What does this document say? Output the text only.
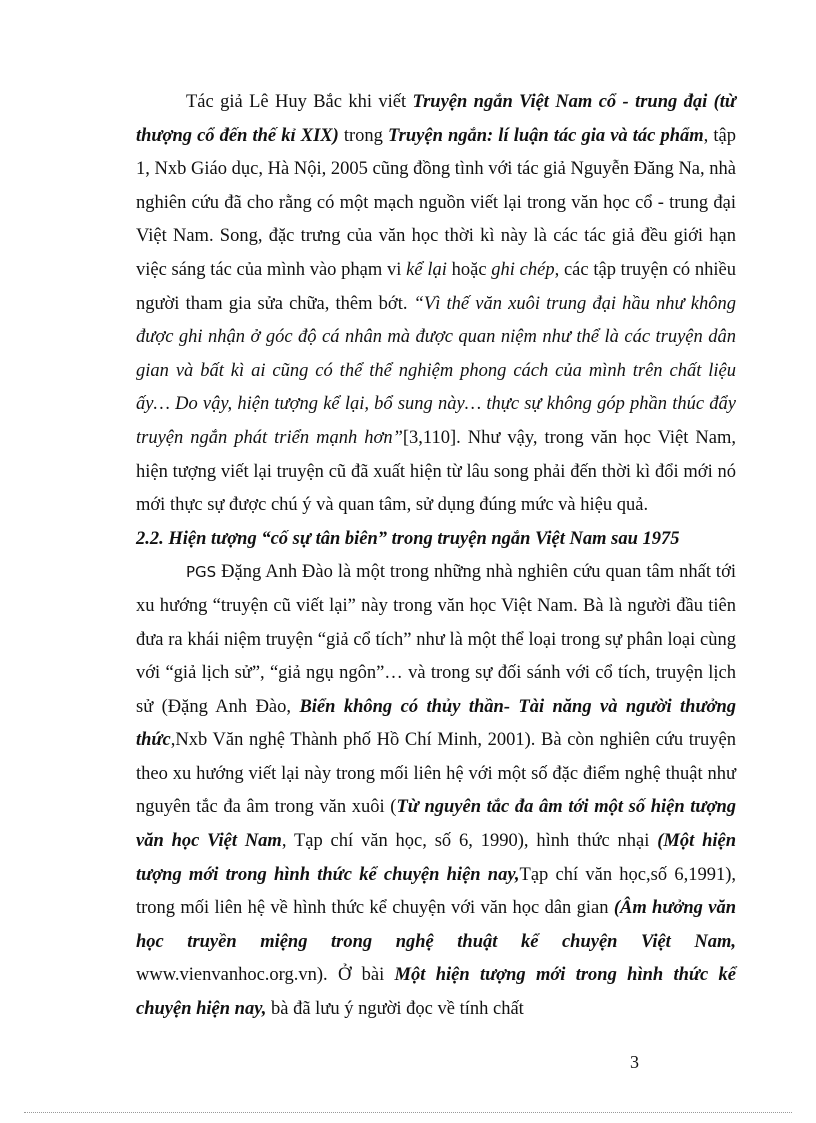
Tác giả Lê Huy Bắc khi viết Truyện ngắn Việt Nam cổ - trung đại (từ thượng cổ đến thế kỉ XIX) trong Truyện ngắn: lí luận tác gia và tác phẩm, tập 1, Nxb Giáo dục, Hà Nội, 2005 cũng đồng tình với tác giả Nguyễn Đăng Na, nhà nghiên cứu đã cho rằng có một mạch nguồn viết lại trong văn học cổ - trung đại Việt Nam. Song, đặc trưng của văn học thời kì này là các tác giả đều giới hạn việc sáng tác của mình vào phạm vi kể lại hoặc ghi chép, các tập truyện có nhiều người tham gia sửa chữa, thêm bớt. “Vì thế văn xuôi trung đại hầu như không được ghi nhận ở góc độ cá nhân mà được quan niệm như thể là các truyện dân gian và bất kì ai cũng có thể thể nghiệm phong cách của mình trên chất liệu ấy… Do vậy, hiện tượng kể lại, bổ sung này… thực sự không góp phần thúc đẩy truyện ngắn phát triển mạnh hơn”[3,110]. Như vậy, trong văn học Việt Nam, hiện tượng viết lại truyện cũ đã xuất hiện từ lâu song phải đến thời kì đổi mới nó mới thực sự được chú ý và quan tâm, sử dụng đúng mức và hiệu quả.

2.2. Hiện tượng “cố sự tân biên” trong truyện ngắn Việt Nam sau 1975

PGS Đặng Anh Đào là một trong những nhà nghiên cứu quan tâm nhất tới xu hướng “truyện cũ viết lại” này trong văn học Việt Nam. Bà là người đầu tiên đưa ra khái niệm truyện “giả cổ tích” như là một thể loại trong sự phân loại cùng với “giả lịch sử”, “giả ngụ ngôn”… và trong sự đối sánh với cổ tích, truyện lịch sử (Đặng Anh Đào, Biển không có thủy thần- Tài năng và người thưởng thức,Nxb Văn nghệ Thành phố Hồ Chí Minh, 2001). Bà còn nghiên cứu truyện theo xu hướng viết lại này trong mối liên hệ với một số đặc điểm nghệ thuật như nguyên tắc đa âm trong văn xuôi (Từ nguyên tắc đa âm tới một số hiện tượng văn học Việt Nam, Tạp chí văn học, số 6, 1990), hình thức nhại (Một hiện tượng mới trong hình thức kể chuyện hiện nay,Tạp chí văn học,số 6,1991), trong mối liên hệ về hình thức kể chuyện với văn học dân gian (Âm hưởng văn học truyền miệng trong nghệ thuật kể chuyện Việt Nam, www.vienvanhoc.org.vn). Ở bài Một hiện tượng mới trong hình thức kể chuyện hiện nay, bà đã lưu ý người đọc về tính chất

3
